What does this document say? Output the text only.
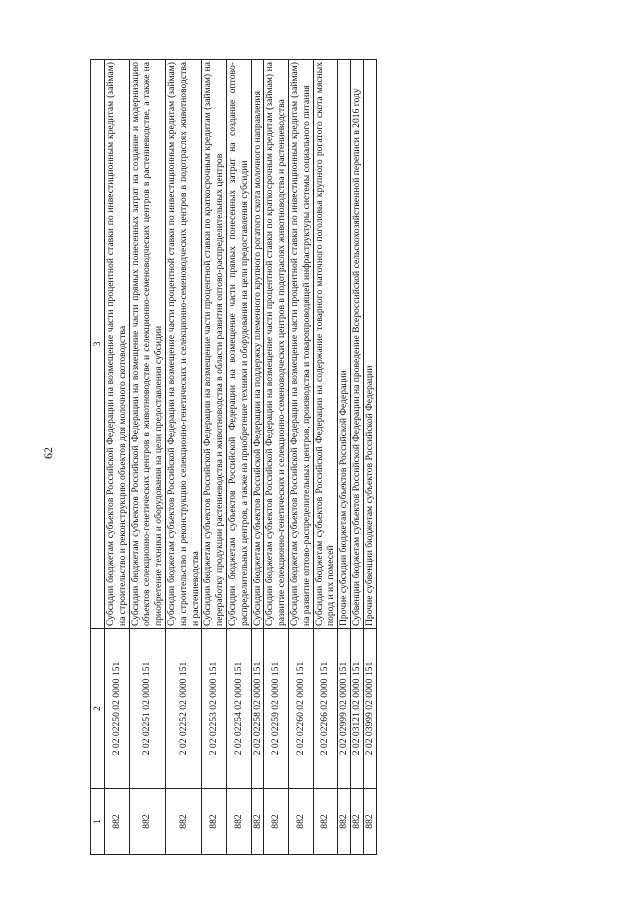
62
1	2	3
882	2 02 02250 02 0000 151	Субсидии бюджетам субъектов Российской Федерации на возмещение части процентной ставки по инвестиционным кредитам (займам) на строительство и реконструкцию объектов для молочного скотоводства
882	2 02 02251 02 0000 151	Субсидии бюджетам субъектов Российской Федерации на возмещение части прямых понесенных затрат на создание и модернизацию объектов селекционно-генетических центров в животноводстве и селекционно-семеноводческих центров в растениеводстве, а также на приобретение техники и оборудования на цели предоставления субсидии
882	2 02 02252 02 0000 151	Субсидии бюджетам субъектов Российской Федерации на возмещение части процентной ставки по инвестиционным кредитам (займам) на строительство и реконструкцию селекционно-генетических и селекционно-семеноводческих центров в подотраслях животноводства и растениеводства
882	2 02 02253 02 0000 151	Субсидии бюджетам субъектов Российской Федерации на возмещение части процентной ставки по краткосрочным кредитам (займам) на переработку продукции растениеводства и животноводства в области развития оптово-распределительных центров
882	2 02 02254 02 0000 151	Субсидии бюджетам субъектов Российской Федерации на возмещение части прямых понесенных затрат на создание оптово-распределительных центров, а также на приобретение техники и оборудования на цели предоставления субсидии
882	2 02 02258 02 0000 151	Субсидии бюджетам субъектов Российской Федерации на поддержку племенного крупного рогатого скота молочного направления
882	2 02 02259 02 0000 151	Субсидии бюджетам субъектов Российской Федерации на возмещение части процентной ставки по краткосрочным кредитам (займам) на развитие селекционно-генетических и селекционно-семеноводческих центров в подотраслях животноводства и растениеводства
882	2 02 02260 02 0000 151	Субсидии бюджетам субъектов Российской Федерации на возмещение части процентной ставки по инвестиционным кредитам (займам) на развитие оптово-распределительных центров, производства и товаропроводящей инфраструктуры системы социального питания
882	2 02 02266 02 0000 151	Субсидии бюджетам субъектов Российской Федерации на содержание товарного маточного поголовья крупного рогатого скота мясных пород и их помесей
882	2 02 02999 02 0000 151	Прочие субсидии бюджетам субъектов Российской Федерации
882	2 02 03121 02 0000 151	Субвенции бюджетам субъектов Российской Федерации на проведение Всероссийской сельскохозяйственной переписи в 2016 году
882	2 02 03999 02 0000 151	Прочие субвенции бюджетам субъектов Российской Федерации
